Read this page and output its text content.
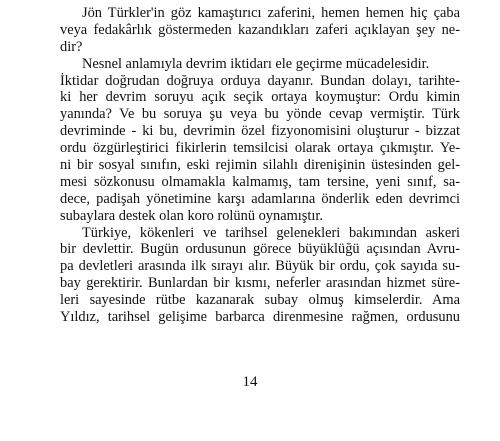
Jön Türkler'in göz kamaştırıcı zaferini, hemen hemen hiç çaba
veya fedakârlık göstermeden kazandıkları zaferi açıklayan şey ne-
dir?
Nesnel anlamıyla devrim iktidarı ele geçirme mücadelesidir.
İktidar doğrudan doğruya orduya dayanır. Bundan dolayı, tarihte-
ki her devrim soruyu açık seçik ortaya koymuştur: Ordu kimin
yanında? Ve bu soruya şu veya bu yönde cevap vermiştir. Türk
devriminde - ki bu, devrimin özel fizyonomisini oluşturur - bizzat
ordu özgürleştirici fikirlerin temsilcisi olarak ortaya çıkmıştır. Ye-
ni bir sosyal sınıfın, eski rejimin silahlı direnişinin üstesinden gel-
mesi sözkonusu olmamakla kalmamış, tam tersine, yeni sınıf, sa-
dece, padişah yönetimine karşı adamlarına önderlik eden devrimci
subaylara destek olan koro rolünü oynamıştır.
Türkiye, kökenleri ve tarihsel gelenekleri bakımından askeri
bir devlettir. Bugün ordusunun görece büyüklüğü açısından Avru-
pa devletleri arasında ilk sırayı alır. Büyük bir ordu, çok sayıda su-
bay gerektirir. Bunlardan bir kısmı, neferler arasından hizmet süre-
leri sayesinde rütbe kazanarak subay olmuş kimselerdir. Ama
Yıldız, tarihsel gelişime barbarca direnmesine rağmen, ordusunu
14
